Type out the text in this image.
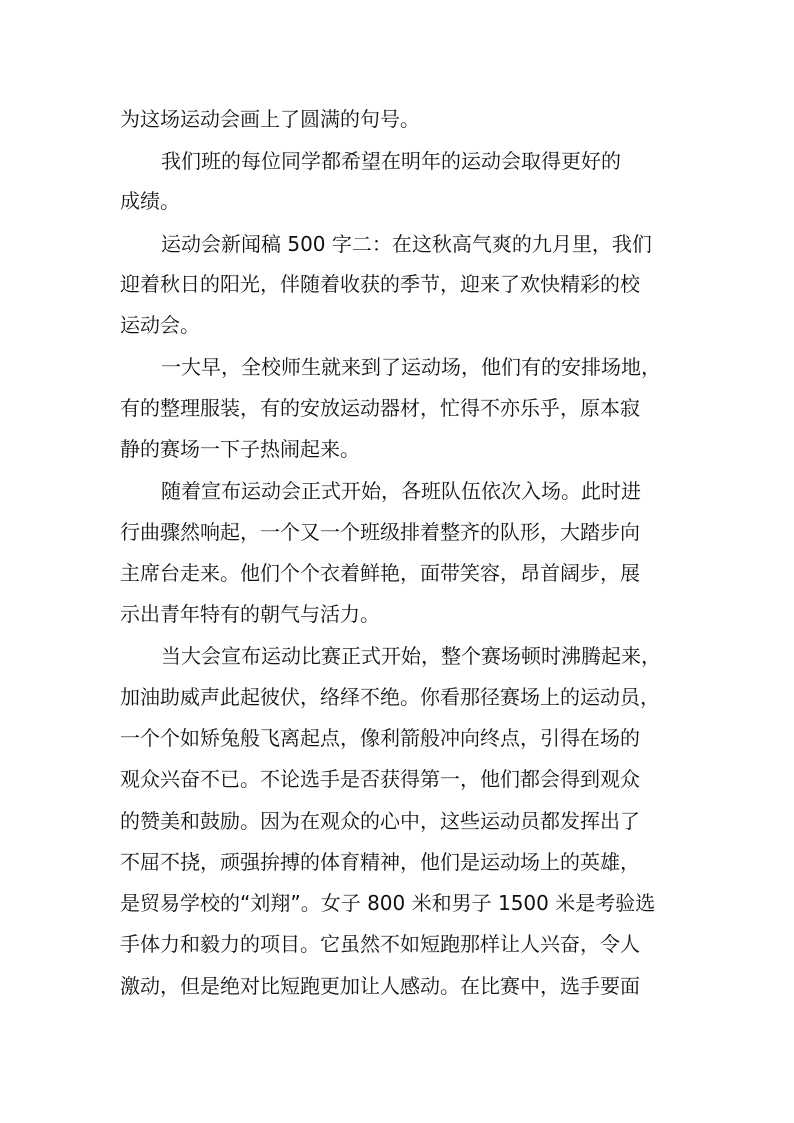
为这场运动会画上了圆满的句号。
我们班的每位同学都希望在明年的运动会取得更好的
成绩。
运动会新闻稿 500 字二：在这秋高气爽的九月里，我们
迎着秋日的阳光，伴随着收获的季节，迎来了欢快精彩的校
运动会。
一大早，全校师生就来到了运动场，他们有的安排场地，
有的整理服装，有的安放运动器材，忙得不亦乐乎，原本寂
静的赛场一下子热闹起来。
随着宣布运动会正式开始，各班队伍依次入场。此时进
行曲骤然响起，一个又一个班级排着整齐的队形，大踏步向
主席台走来。他们个个衣着鲜艳，面带笑容，昂首阔步，展
示出青年特有的朝气与活力。
当大会宣布运动比赛正式开始，整个赛场顿时沸腾起来，
加油助威声此起彼伏，络绎不绝。你看那径赛场上的运动员，
一个个如矫兔般飞离起点，像利箭般冲向终点，引得在场的
观众兴奋不已。不论选手是否获得第一，他们都会得到观众
的赞美和鼓励。因为在观众的心中，这些运动员都发挥出了
不屈不挠，顽强拚搏的体育精神，他们是运动场上的英雄，
是贸易学校的“刘翔”。女子 800 米和男子 1500 米是考验选
手体力和毅力的项目。它虽然不如短跑那样让人兴奋，令人
激动，但是绝对比短跑更加让人感动。在比赛中，选手要面
